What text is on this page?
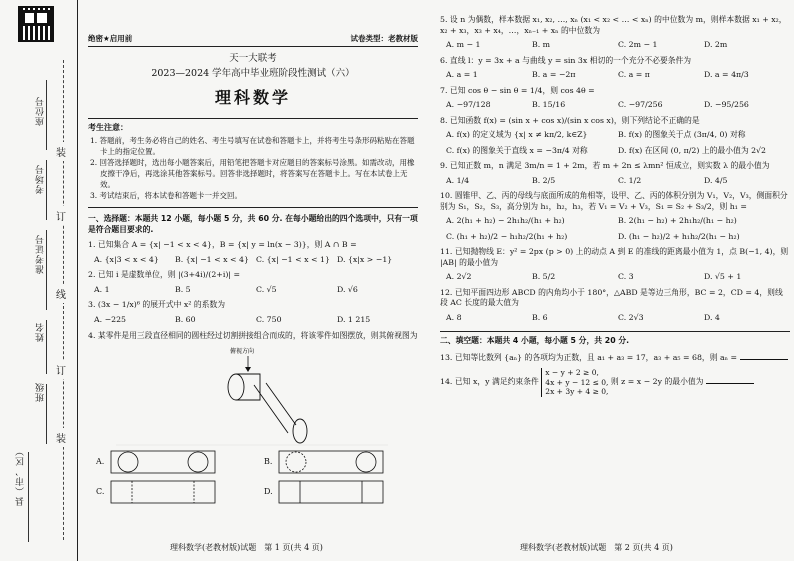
座位号
考场号
准考证号
姓名
班级
县（市、区）
装
订
线
订
装
绝密★启用前	试卷类型：老教材版
天一大联考
2023—2024 学年高中毕业班阶段性测试（六）
理科数学
考生注意：
1. 答题前，考生务必将自己的姓名、考生号填写在试卷和答题卡上，并将考生号条形码粘贴在答题卡上的指定位置。
2. 回答选择题时，选出每小题答案后，用铅笔把答题卡对应题目的答案标号涂黑。如需改动，用橡皮擦干净后，再选涂其他答案标号。回答非选择题时，将答案写在答题卡上。写在本试卷上无效。
3. 考试结束后，将本试卷和答题卡一并交回。
一、选择题：本题共 12 小题，每小题 5 分，共 60 分. 在每小题给出的四个选项中，只有一项是符合题目要求的.
1. 已知集合 A = {x| −1 < x < 4}，B = {x| y = ln(x − 3)}，则 A ∩ B =
A. {x|3 < x < 4}	B. {x| −1 < x < 4} C. {x| −1 < x < 1} D. {x|x > −1}
2. 已知 i 是虚数单位，则 |(3+4i)/(2+i)| =
A. 1	B. 5	C. √5	D. √6
3. (3x − 1/x)⁶ 的展开式中 x² 的系数为
A. −225	B. 60	C. 750	D. 1 215
4. 某零件是用三段直径相同的圆柱经过切割拼接组合而成的，将该零件如图摆放，则其俯视图为
俯视方向
A.	B.
C.	D.
理科数学(老教材版)试题　第 1 页(共 4 页)
5. 设 n 为偶数，样本数据 x₁, x₂, …, xₙ (x₁ < x₂ < … < xₙ) 的中位数为 m，则样本数据 x₁ + x₂，x₂ + x₃，x₃ + x₄，…，xₙ₋₁ + xₙ 的中位数为
A. m − 1	B. m	C. 2m − 1	D. 2m
6. 直线 l：y = 3x + a 与曲线 y = sin 3x 相切的一个充分不必要条件为
A. a = 1	B. a = −2π	C. a = π	D. a = 4π/3
7. 已知 cos θ − sin θ = 1/4，则 cos 4θ =
A. −97/128	B. 15/16	C. −97/256	D. −95/256
8. 已知函数 f(x) = (sin x + cos x)/(sin x cos x)，则下列结论不正确的是
A. f(x) 的定义域为 {x| x ≠ kπ/2, k∈Z}	B. f(x) 的图象关于点 (3π/4, 0) 对称
C. f(x) 的图象关于直线 x = −3π/4 对称	D. f(x) 在区间 (0, π/2) 上的最小值为 2√2
9. 已知正数 m，n 满足 3m/n = 1 + 2m，若 m + 2n ≤ λmn² 恒成立，则实数 λ 的最小值为
A. 1/4	B. 2/5	C. 1/2	D. 4/5
10. 圆锥甲、乙、丙的母线与底面所成的角相等，设甲、乙、丙的体积分别为 V₁，V₂，V₃，侧面积分别为 S₁，S₂，S₃，高分别为 h₁，h₂，h₃，若 V₁ = V₂ + V₃，S₁ = S₂ + S₃/2，则 h₁ =
A. 2(h₁ + h₂) − 2h₁h₂/(h₁ + h₂)	B. 2(h₁ − h₂) + 2h₁h₂/(h₁ − h₂)
C. (h₁ + h₂)/2 − h₁h₂/2(h₁ + h₂)	D. (h₁ − h₂)/2 + h₁h₂/2(h₁ − h₂)
11. 已知抛物线 E：y² = 2px (p > 0) 上的动点 A 到 E 的准线的距离最小值为 1，点 B(−1, 4)，则 |AB| 的最小值为
A. 2√2	B. 5/2	C. 3	D. √5 + 1
12. 已知平面四边形 ABCD 的内角均小于 180°，△ABD 是等边三角形，BC = 2，CD = 4，则线段 AC 长度的最大值为
A. 8	B. 6	C. 2√3	D. 4
二、填空题：本题共 4 小题，每小题 5 分，共 20 分.
13. 已知等比数列 {aₙ} 的各项均为正数，且 a₁ + a₃ = 17，a₃ + a₅ = 68，则 aₙ =
14. 已知 x，y 满足约束条件 x − y + 2 ≥ 0,
4x + y − 12 ≤ 0,
2x + 3y + 4 ≥ 0, 则 z = x − 2y 的最小值为
理科数学(老教材版)试题　第 2 页(共 4 页)
